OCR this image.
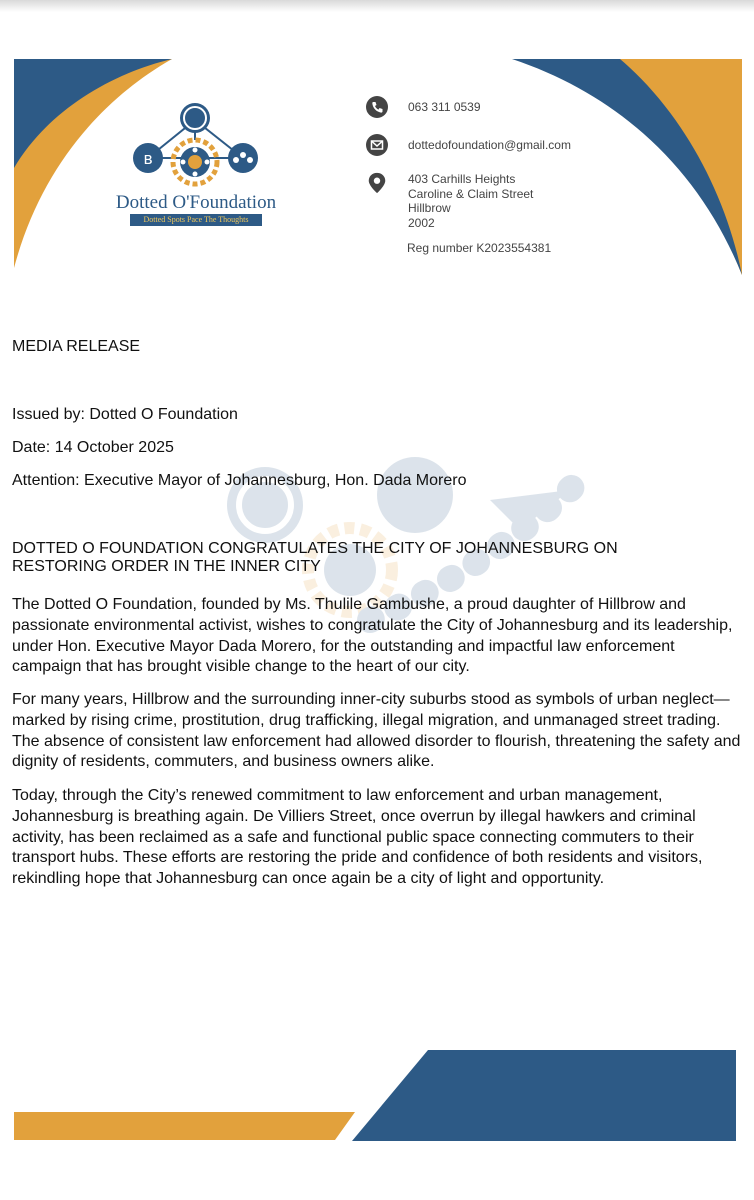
ʙ
Dotted O'Foundation
Dotted Spots Pace The Thoughts
063 311 0539
dottedofoundation@gmail.com
403 Carhills Heights
Caroline & Claim Street
Hillbrow
2002
Reg number K2023554381
MEDIA RELEASE
Issued by: Dotted O Foundation
Date: 14 October 2025
Attention: Executive Mayor of Johannesburg, Hon. Dada Morero
DOTTED O FOUNDATION CONGRATULATES THE CITY OF JOHANNESBURG ON RESTORING ORDER IN THE INNER CITY

The Dotted O Foundation, founded by Ms. Thulile Gambushe, a proud daughter of Hillbrow and passionate environmental activist, wishes to congratulate the City of Johannesburg and its leadership, under Hon. Executive Mayor Dada Morero, for the outstanding and impactful law enforcement campaign that has brought visible change to the heart of our city.

For many years, Hillbrow and the surrounding inner-city suburbs stood as symbols of urban neglect—marked by rising crime, prostitution, drug trafficking, illegal migration, and unmanaged street trading. The absence of consistent law enforcement had allowed disorder to flourish, threatening the safety and dignity of residents, commuters, and business owners alike.

Today, through the City’s renewed commitment to law enforcement and urban management, Johannesburg is breathing again. De Villiers Street, once overrun by illegal hawkers and criminal activity, has been reclaimed as a safe and functional public space connecting commuters to their transport hubs. These efforts are restoring the pride and confidence of both residents and visitors, rekindling hope that Johannesburg can once again be a city of light and opportunity.
